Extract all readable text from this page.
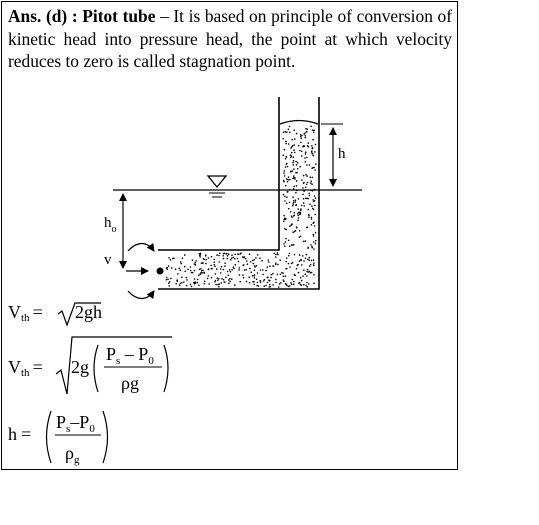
Ans. (d) : Pitot tube – It is based on principle of conversion of kinetic head into pressure head, the point at which velocity reduces to zero is called stagnation point.
h
$h_o$
v
Vth = 2gh
Vth = 2g
$P_s - P_0$
ρg
h =
$P_s-P_0$
$\rho_g$
